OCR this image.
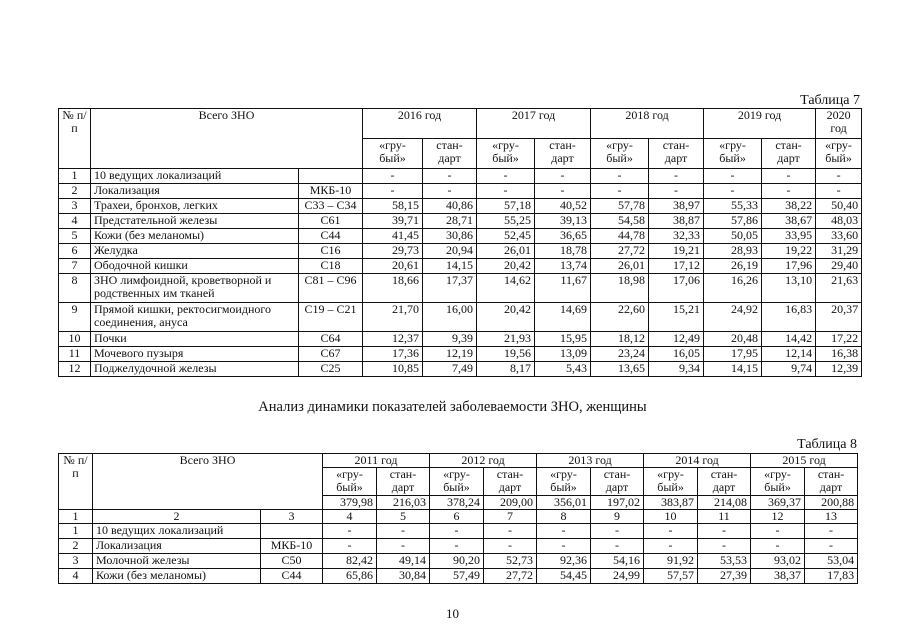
Таблица 7
№ п/п	Всего ЗНО		2016 год		2017 год		2018 год		2019 год		2020 год
			«гру- бый»	стан- дарт	«гру- бый»	стан- дарт	«гру- бый»	стан- дарт	«гру- бый»	стан- дарт	«гру- бый»
1	10 ведущих локализаций		-	-	-	-	-	-	-	-	-
2	Локализация	МКБ-10	-	-	-	-	-	-	-	-	-
3	Трахеи, бронхов, легких	С33 – С34	58,15	40,86	57,18	40,52	57,78	38,97	55,33	38,22	50,40
4	Предстательной железы	С61	39,71	28,71	55,25	39,13	54,58	38,87	57,86	38,67	48,03
5	Кожи (без меланомы)	С44	41,45	30,86	52,45	36,65	44,78	32,33	50,05	33,95	33,60
6	Желудка	С16	29,73	20,94	26,01	18,78	27,72	19,21	28,93	19,22	31,29
7	Ободочной кишки	С18	20,61	14,15	20,42	13,74	26,01	17,12	26,19	17,96	29,40
8	ЗНО лимфоидной, кроветворной и родственных им тканей	С81 – С96	18,66	17,37	14,62	11,67	18,98	17,06	16,26	13,10	21,63
9	Прямой кишки, ректосигмоидного соединения, ануса	С19 – С21	21,70	16,00	20,42	14,69	22,60	15,21	24,92	16,83	20,37
10	Почки	С64	12,37	9,39	21,93	15,95	18,12	12,49	20,48	14,42	17,22
11	Мочевого пузыря	С67	17,36	12,19	19,56	13,09	23,24	16,05	17,95	12,14	16,38
12	Поджелудочной железы	С25	10,85	7,49	8,17	5,43	13,65	9,34	14,15	9,74	12,39
Анализ динамики показателей заболеваемости ЗНО, женщины
Таблица 8
№ п/п	Всего ЗНО		2011 год		2012 год		2013 год		2014 год		2015 год	
			«гру- бый»	стан- дарт	«гру- бый»	стан- дарт	«гру- бый»	стан- дарт	«гру- бый»	стан- дарт	«гру- бый»	стан- дарт
			379,98	216,03	378,24	209,00	356,01	197,02	383,87	214,08	369,37	200,88
1	2	3	4	5	6	7	8	9	10	11	12	13
1	10 ведущих локализаций		-	-	-	-	-	-	-	-	-	-
2	Локализация	МКБ-10	-	-	-	-	-	-	-	-	-	-
3	Молочной железы	С50	82,42	49,14	90,20	52,73	92,36	54,16	91,92	53,53	93,02	53,04
4	Кожи (без меланомы)	С44	65,86	30,84	57,49	27,72	54,45	24,99	57,57	27,39	38,37	17,83
10
